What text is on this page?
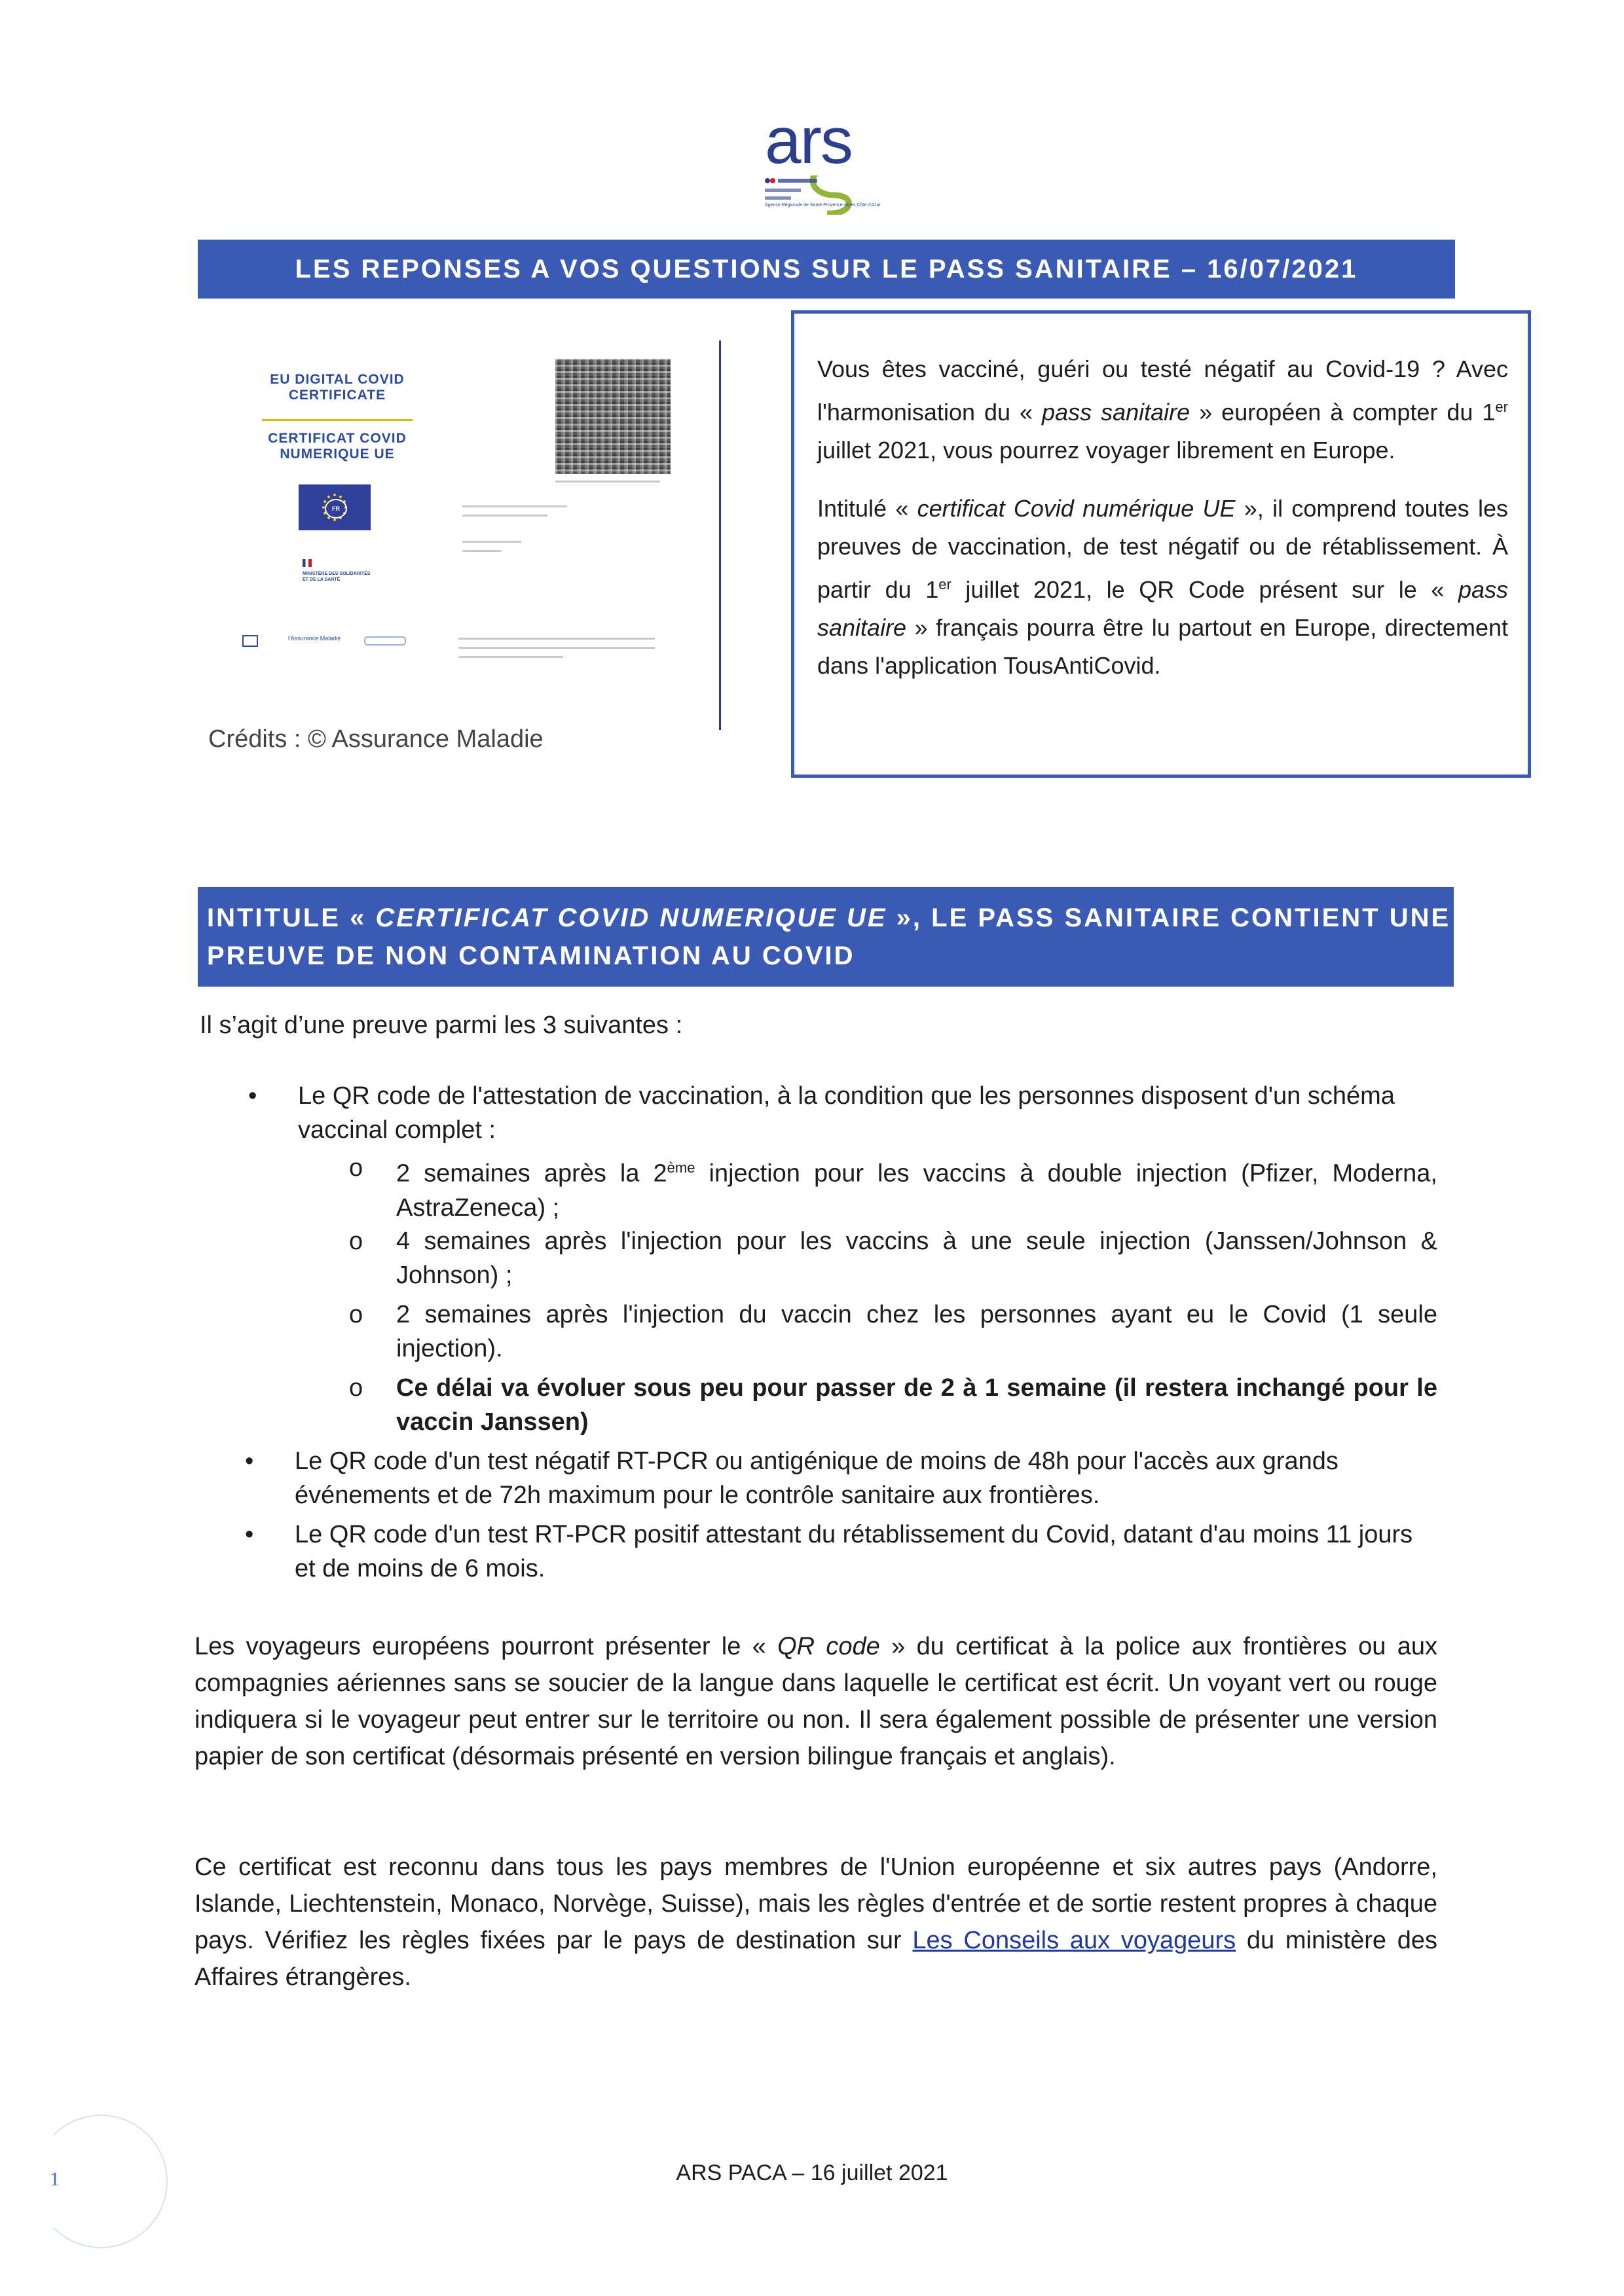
ars
Agence Régionale de Santé Provence-Alpes Côte d'Azur
LES REPONSES A VOS QUESTIONS SUR LE PASS SANITAIRE – 16/07/2021
EU DIGITAL COVID CERTIFICATE
CERTIFICAT COVID NUMERIQUE UE
FR
MINISTÈRE DES SOLIDARITÉS ET DE LA SANTÉ
l'Assurance Maladie
Crédits : © Assurance Maladie

Vous êtes vacciné, guéri ou testé négatif au Covid-19 ? Avec l'harmonisation du « pass sanitaire » européen à compter du 1er juillet 2021, vous pourrez voyager librement en Europe.

Intitulé « certificat Covid numérique UE », il comprend toutes les preuves de vaccination, de test négatif ou de rétablissement. À partir du 1er juillet 2021, le QR Code présent sur le « pass sanitaire » français pourra être lu partout en Europe, directement dans l'application TousAntiCovid.

INTITULE « CERTIFICAT COVID NUMERIQUE UE », LE PASS SANITAIRE CONTIENT UNE PREUVE DE NON CONTAMINATION AU COVID
Il s’agit d’une preuve parmi les 3 suivantes :
• Le QR code de l'attestation de vaccination, à la condition que les personnes disposent d'un schéma vaccinal complet :
o 2 semaines après la 2ème injection pour les vaccins à double injection (Pfizer, Moderna, AstraZeneca) ;
o 4 semaines après l'injection pour les vaccins à une seule injection (Janssen/Johnson & Johnson) ;
o 2 semaines après l'injection du vaccin chez les personnes ayant eu le Covid (1 seule injection).
o Ce délai va évoluer sous peu pour passer de 2 à 1 semaine (il restera inchangé pour le vaccin Janssen)
• Le QR code d'un test négatif RT-PCR ou antigénique de moins de 48h pour l'accès aux grands événements et de 72h maximum pour le contrôle sanitaire aux frontières.
• Le QR code d'un test RT-PCR positif attestant du rétablissement du Covid, datant d'au moins 11 jours et de moins de 6 mois.

Les voyageurs européens pourront présenter le « QR code » du certificat à la police aux frontières ou aux compagnies aériennes sans se soucier de la langue dans laquelle le certificat est écrit. Un voyant vert ou rouge indiquera si le voyageur peut entrer sur le territoire ou non. Il sera également possible de présenter une version papier de son certificat (désormais présenté en version bilingue français et anglais).

Ce certificat est reconnu dans tous les pays membres de l'Union européenne et six autres pays (Andorre, Islande, Liechtenstein, Monaco, Norvège, Suisse), mais les règles d'entrée et de sortie restent propres à chaque pays. Vérifiez les règles fixées par le pays de destination sur Les Conseils aux voyageurs du ministère des Affaires étrangères.

1	ARS PACA – 16 juillet 2021
